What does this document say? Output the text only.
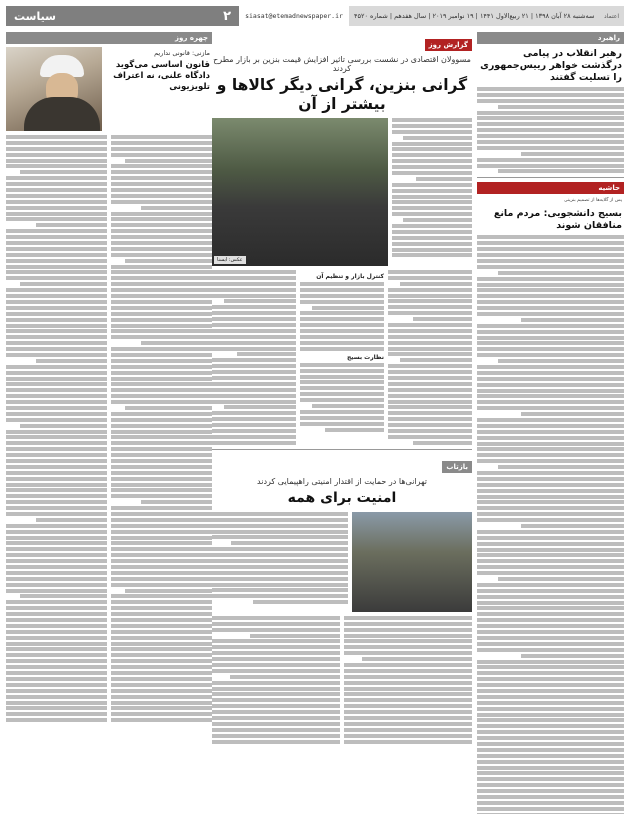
اعتماد
سه‌شنبه ۲۸ آبان ۱۳۹۸ | ۲۱ ربیع‌الاول ۱۴۴۱ | ۱۹ نوامبر ۲۰۱۹ | سال هفدهم | شماره ۴۵۲۰
siasat@etemadnewspaper.ir
۲
سیاست
راهبرد
رهبر انقلاب در پیامی درگذشت خواهر رییس‌جمهوری را تسلیت گفتند
حاشیه
پس از گلایه‌ها از تصمیم بنزینی
بسیج دانشجویی: مردم مانع منافقان شوند
گزارش روز
مسوولان اقتصادی در نشست بررسی تاثیر افزایش قیمت بنزین بر بازار مطرح کردند
گرانی بنزین، گرانی دیگر کالاها و بیشتر از آن
عکس: ایسنا
کنترل بازار و تنظیم آن
نظارت بسیج
بازتاب
تهرانی‌ها در حمایت از اقتدار امنیتی راهپیمایی کردند
امنیت برای همه
چهره روز
مازنی: قانونی نداریم
قانون اساسی می‌گوید دادگاه علنی، نه اعتراف تلویزیونی
